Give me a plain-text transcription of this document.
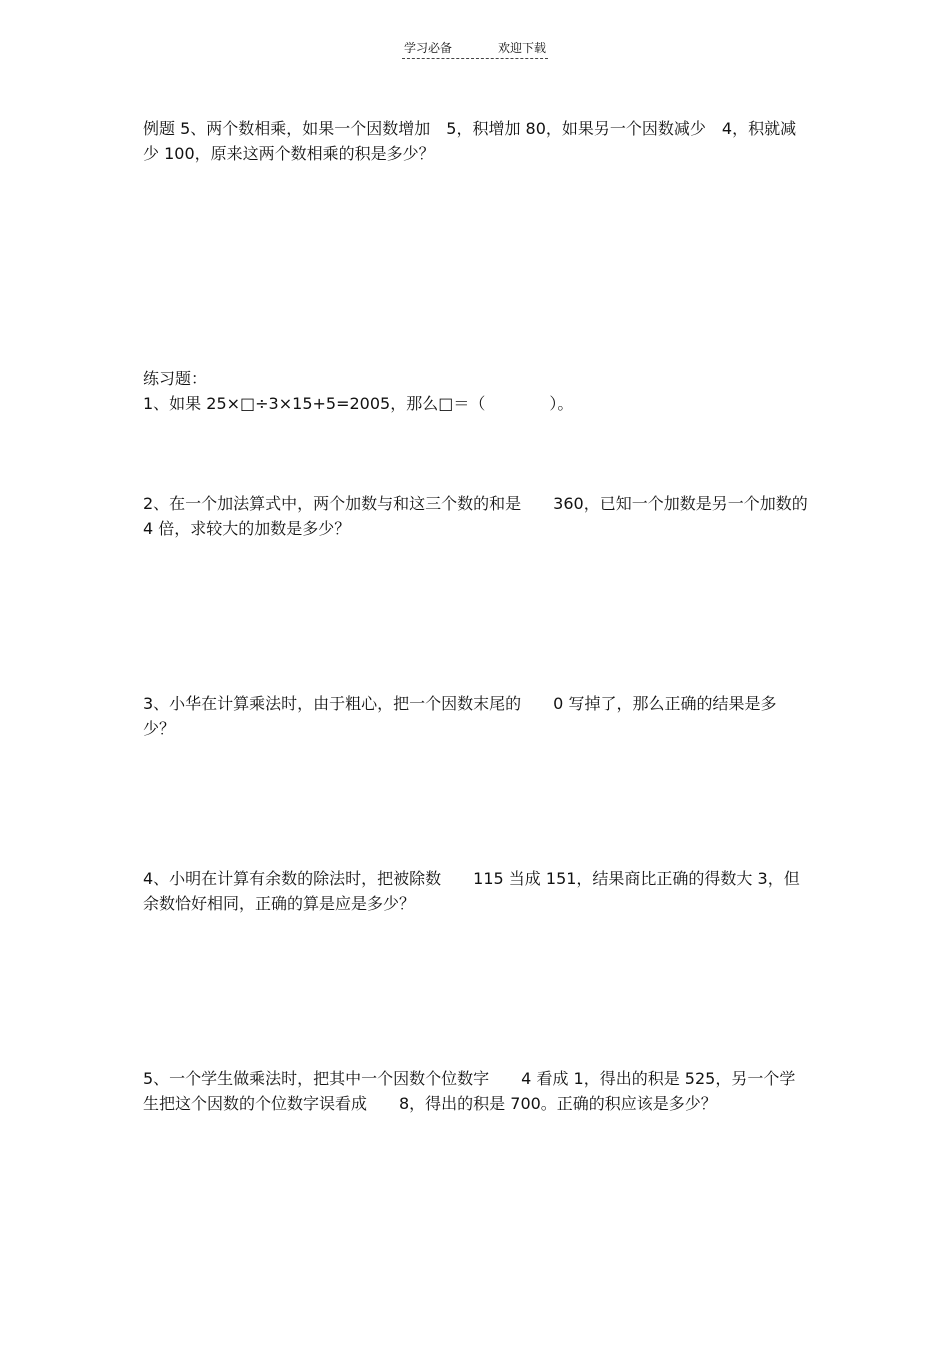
学习必备	欢迎下载

例题 5、两个数相乘，如果一个因数增加　5，积增加 80，如果另一个因数减少　4，积就减少 100，原来这两个数相乘的积是多少？

练习题：

1、如果 25×□÷3×15+5=2005，那么□＝（　　　　）。

2、在一个加法算式中，两个加数与和这三个数的和是　　360，已知一个加数是另一个加数的 4 倍，求较大的加数是多少？

3、小华在计算乘法时，由于粗心，把一个因数末尾的　　0 写掉了，那么正确的结果是多少？

4、小明在计算有余数的除法时，把被除数　　115 当成 151，结果商比正确的得数大 3，但余数恰好相同，正确的算是应是多少？

5、一个学生做乘法时，把其中一个因数个位数字　　4 看成 1，得出的积是 525，另一个学生把这个因数的个位数字误看成　　8，得出的积是 700。正确的积应该是多少？
